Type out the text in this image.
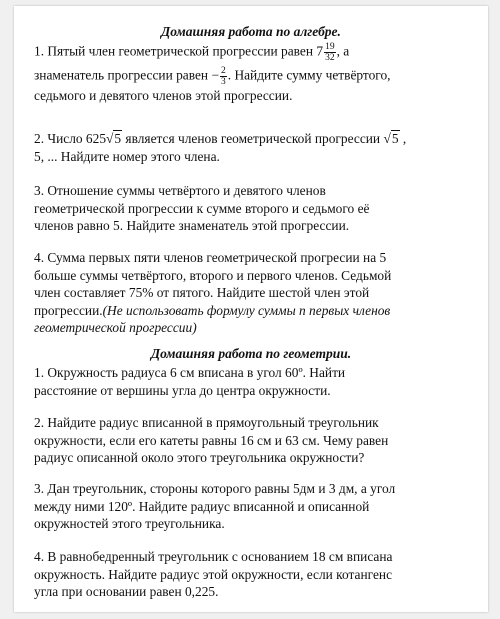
Домашняя работа по алгебре.
1. Пятый член геометрической прогрессии равен $7 \frac{19}{32}$ , а
знаменатель прогрессии равен − $\frac{2}{3}$ . Найдите сумму четвёртого,
седьмого и девятого членов этой прогрессии.
2. Число 625√5 является членов геометрической прогрессии √5 ,
5, ... Найдите номер этого члена.
3. Отношение суммы четвёртого и девятого членов
геометрической прогрессии к сумме второго и седьмого её
членов равно 5. Найдите знаменатель этой прогрессии.
4. Сумма первых пяти членов геометрической прогресии на 5
больше суммы четвёртого, второго и первого членов. Седьмой
член составляет 75% от пятого. Найдите шестой член этой
прогрессии.(Не использовать формулу суммы п первых членов
геометрической прогрессии)
Домашняя работа по геометрии.
1. Окружность радиуса 6 см вписана в угол 60º. Найти
расстояние от вершины угла до центра окружности.
2. Найдите радиус вписанной в прямоугольный треугольник
окружности, если его катеты равны 16 см и 63 см. Чему равен
радиус описанной около этого треугольника окружности?
3. Дан треугольник, стороны которого равны 5дм и 3 дм, а угол
между ними 120º. Найдите радиус вписанной и описанной
окружностей этого треугольника.
4. В равнобедренный треугольник с основанием 18 см вписана
окружность. Найдите радиус этой окружности, если котангенс
угла при основании равен 0,225.
